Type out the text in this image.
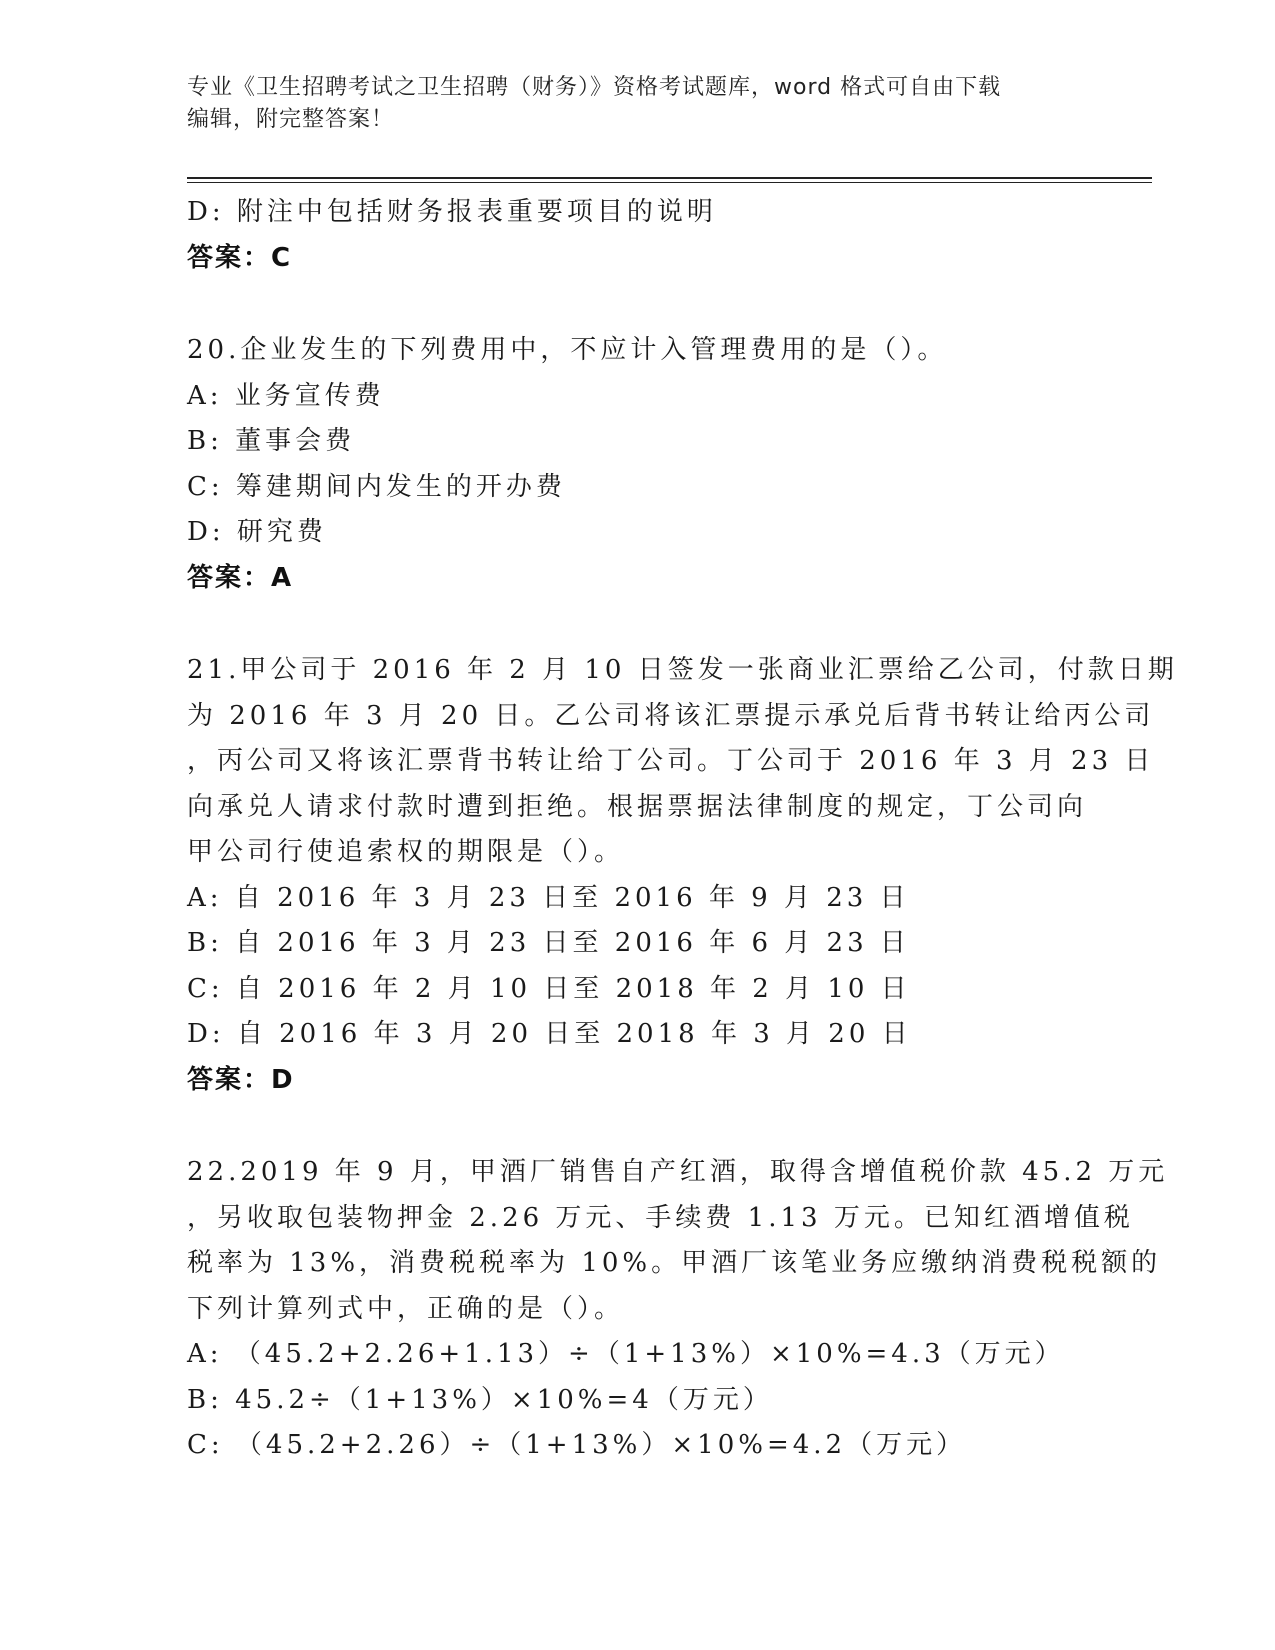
专业《卫生招聘考试之卫生招聘（财务）》资格考试题库，word 格式可自由下载
编辑，附完整答案！
D: 附注中包括财务报表重要项目的说明
答案：C
20.企业发生的下列费用中，不应计入管理费用的是（）。
A: 业务宣传费
B: 董事会费
C: 筹建期间内发生的开办费
D: 研究费
答案：A
21.甲公司于 2016 年 2 月 10 日签发一张商业汇票给乙公司，付款日期
为 2016 年 3 月 20 日。乙公司将该汇票提示承兑后背书转让给丙公司
，丙公司又将该汇票背书转让给丁公司。丁公司于 2016 年 3 月 23 日
向承兑人请求付款时遭到拒绝。根据票据法律制度的规定，丁公司向
甲公司行使追索权的期限是（）。
A: 自 2016 年 3 月 23 日至 2016 年 9 月 23 日
B: 自 2016 年 3 月 23 日至 2016 年 6 月 23 日
C: 自 2016 年 2 月 10 日至 2018 年 2 月 10 日
D: 自 2016 年 3 月 20 日至 2018 年 3 月 20 日
答案：D
22.2019 年 9 月，甲酒厂销售自产红酒，取得含增值税价款 45.2 万元
，另收取包装物押金 2.26 万元、手续费 1.13 万元。已知红酒增值税
税率为 13%，消费税税率为 10%。甲酒厂该笔业务应缴纳消费税税额的
下列计算列式中，正确的是（）。
A: （45.2+2.26+1.13）÷（1+13%）×10%=4.3（万元）
B: 45.2÷（1+13%）×10%=4（万元）
C: （45.2+2.26）÷（1+13%）×10%=4.2（万元）
